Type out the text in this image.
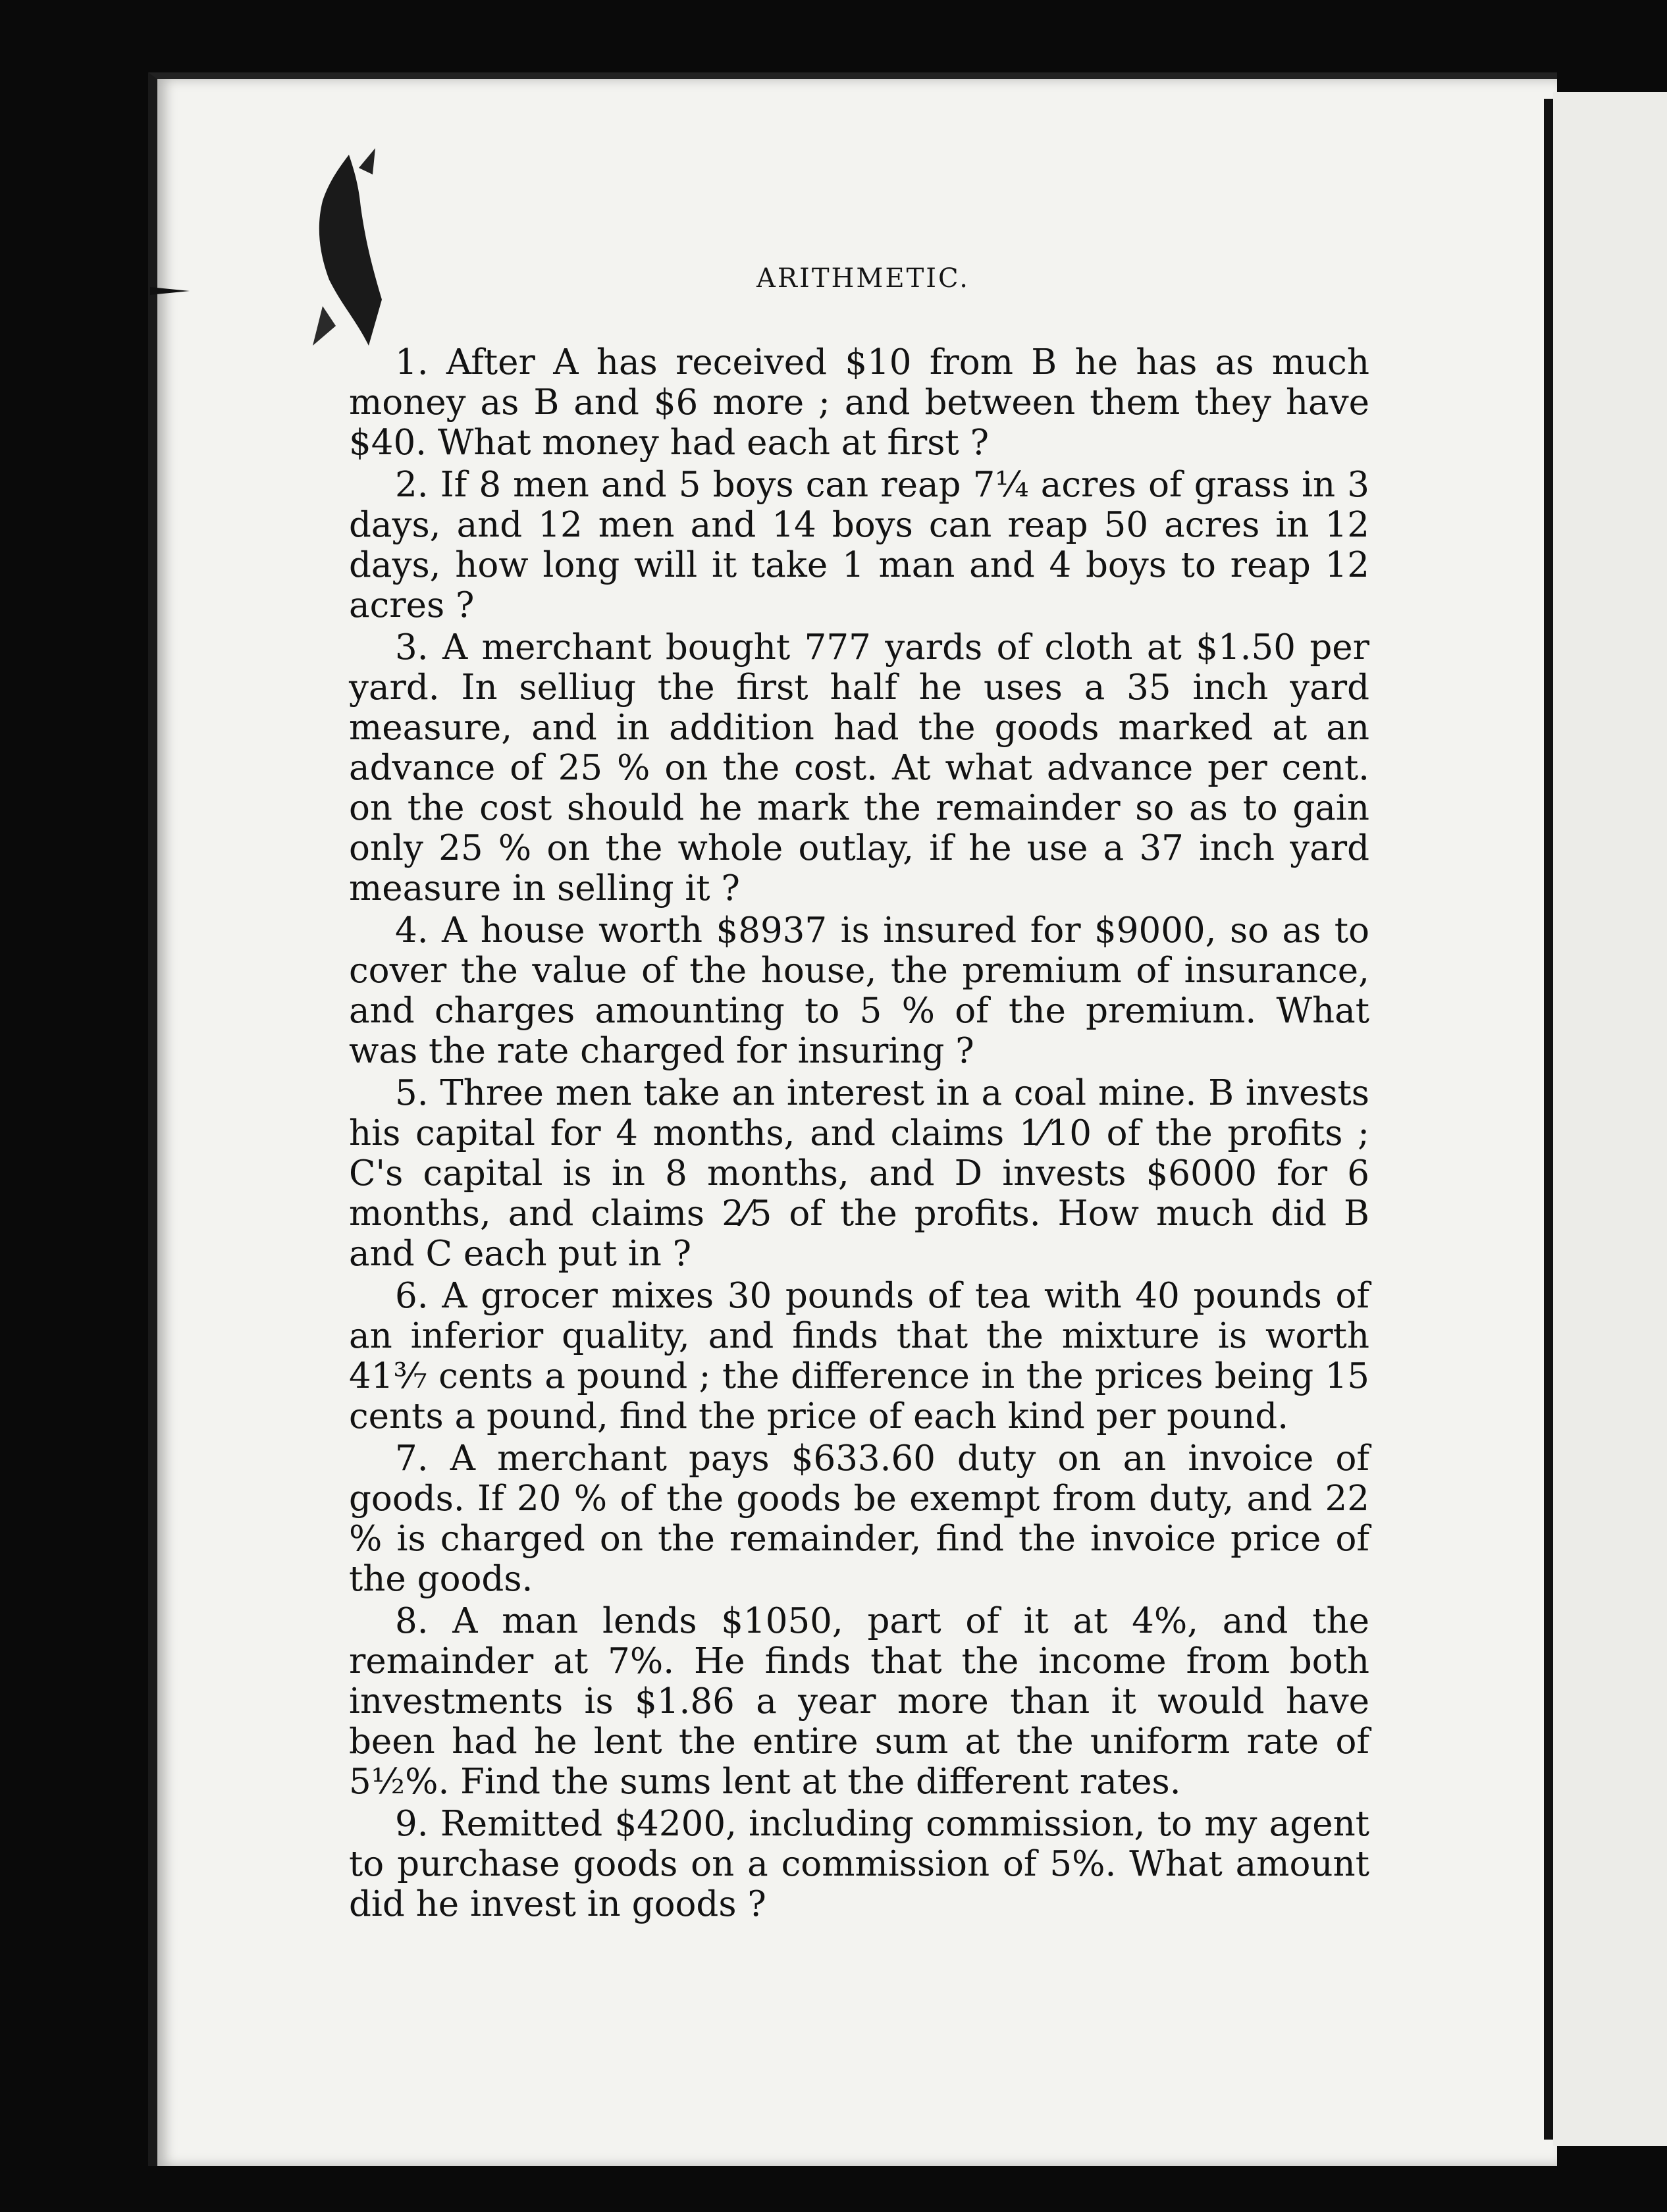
ARITHMETIC.

1. After A has received $10 from B he has as much money as B and $6 more ; and between them they have $40. What money had each at first ?

2. If 8 men and 5 boys can reap 7¼ acres of grass in 3 days, and 12 men and 14 boys can reap 50 acres in 12 days, how long will it take 1 man and 4 boys to reap 12 acres ?

3. A merchant bought 777 yards of cloth at $1.50 per yard. In selliug the first half he uses a 35 inch yard measure, and in addition had the goods marked at an advance of 25 % on the cost. At what advance per cent. on the cost should he mark the remainder so as to gain only 25 % on the whole outlay, if he use a 37 inch yard measure in selling it ?

4. A house worth $8937 is insured for $9000, so as to cover the value of the house, the premium of insurance, and charges amounting to 5 % of the premium. What was the rate charged for insuring ?

5. Three men take an interest in a coal mine. B invests his capital for 4 months, and claims 1⁄10 of the profits ; C's capital is in 8 months, and D invests $6000 for 6 months, and claims 2⁄5 of the profits. How much did B and C each put in ?

6. A grocer mixes 30 pounds of tea with 40 pounds of an inferior quality, and finds that the mixture is worth 41³⁄₇ cents a pound ; the difference in the prices being 15 cents a pound, find the price of each kind per pound.

7. A merchant pays $633.60 duty on an invoice of goods. If 20 % of the goods be exempt from duty, and 22 % is charged on the remainder, find the invoice price of the goods.

8. A man lends $1050, part of it at 4%, and the remainder at 7%. He finds that the income from both investments is $1.86 a year more than it would have been had he lent the entire sum at the uniform rate of 5½%. Find the sums lent at the different rates.

9. Remitted $4200, including commission, to my agent to purchase goods on a commission of 5%. What amount did he invest in goods ?
